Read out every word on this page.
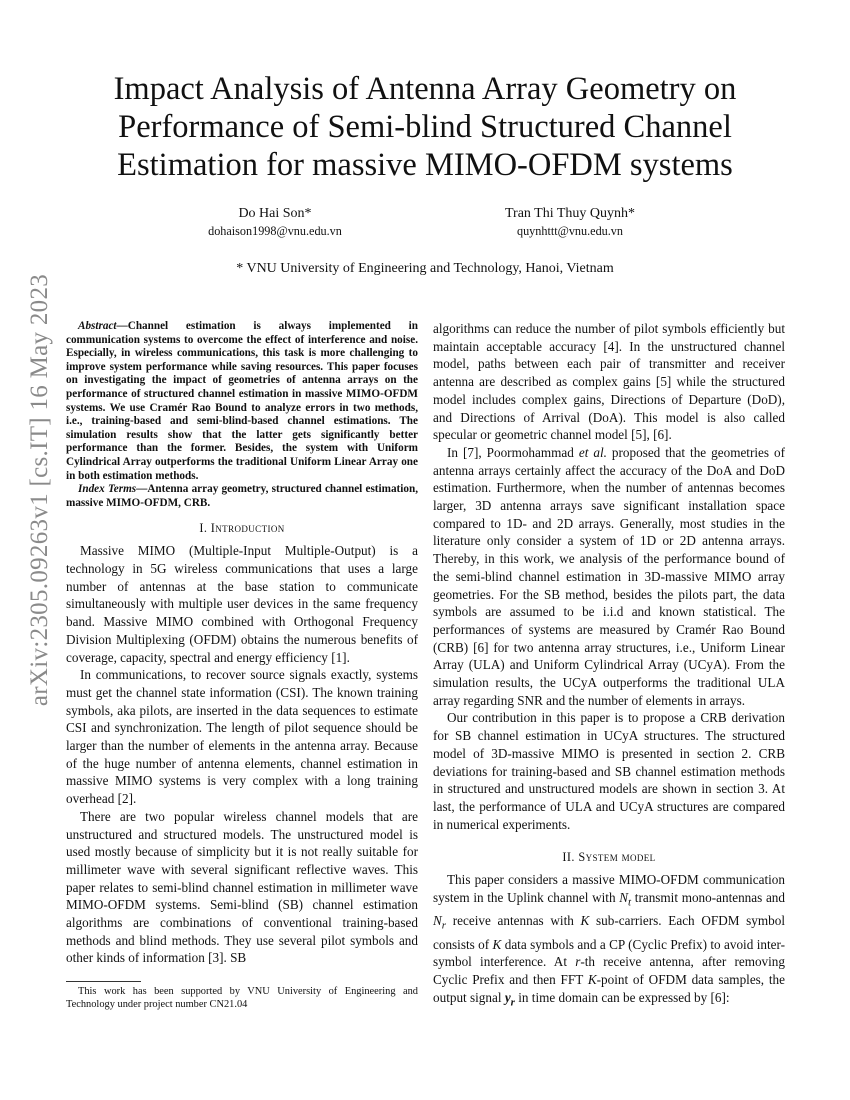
arXiv:2305.09263v1 [cs.IT] 16 May 2023
Impact Analysis of Antenna Array Geometry on Performance of Semi-blind Structured Channel Estimation for massive MIMO-OFDM systems
Do Hai Son*
dohaison1998@vnu.edu.vn
Tran Thi Thuy Quynh*
quynhttt@vnu.edu.vn
* VNU University of Engineering and Technology, Hanoi, Vietnam
Abstract—Channel estimation is always implemented in communication systems to overcome the effect of interference and noise. Especially, in wireless communications, this task is more challenging to improve system performance while saving resources. This paper focuses on investigating the impact of geometries of antenna arrays on the performance of structured channel estimation in massive MIMO-OFDM systems. We use Cramér Rao Bound to analyze errors in two methods, i.e., training-based and semi-blind-based channel estimations. The simulation results show that the latter gets significantly better performance than the former. Besides, the system with Uniform Cylindrical Array outperforms the traditional Uniform Linear Array one in both estimation methods.
Index Terms—Antenna array geometry, structured channel estimation, massive MIMO-OFDM, CRB.
I. Introduction

Massive MIMO (Multiple-Input Multiple-Output) is a technology in 5G wireless communications that uses a large number of antennas at the base station to communicate simultaneously with multiple user devices in the same frequency band. Massive MIMO combined with Orthogonal Frequency Division Multiplexing (OFDM) obtains the numerous benefits of coverage, capacity, spectral and energy efficiency [1].

In communications, to recover source signals exactly, systems must get the channel state information (CSI). The known training symbols, aka pilots, are inserted in the data sequences to estimate CSI and synchronization. The length of pilot sequence should be larger than the number of elements in the antenna array. Because of the huge number of antenna elements, channel estimation in massive MIMO systems is very complex with a long training overhead [2].

There are two popular wireless channel models that are unstructured and structured models. The unstructured model is used mostly because of simplicity but it is not really suitable for millimeter wave with several significant reflective waves. This paper relates to semi-blind channel estimation in millimeter wave MIMO-OFDM systems. Semi-blind (SB) channel estimation algorithms are combinations of conventional training-based methods and blind methods. They use several pilot symbols and other kinds of information [3]. SB

This work has been supported by VNU University of Engineering and Technology under project number CN21.04

algorithms can reduce the number of pilot symbols efficiently but maintain acceptable accuracy [4]. In the unstructured channel model, paths between each pair of transmitter and receiver antenna are described as complex gains [5] while the structured model includes complex gains, Directions of Departure (DoD), and Directions of Arrival (DoA). This model is also called specular or geometric channel model [5], [6].

In [7], Poormohammad et al. proposed that the geometries of antenna arrays certainly affect the accuracy of the DoA and DoD estimation. Furthermore, when the number of antennas becomes larger, 3D antenna arrays save significant installation space compared to 1D- and 2D arrays. Generally, most studies in the literature only consider a system of 1D or 2D antenna arrays. Thereby, in this work, we analysis of the performance bound of the semi-blind channel estimation in 3D-massive MIMO array geometries. For the SB method, besides the pilots part, the data symbols are assumed to be i.i.d and known statistical. The performances of systems are measured by Cramér Rao Bound (CRB) [6] for two antenna array structures, i.e., Uniform Linear Array (ULA) and Uniform Cylindrical Array (UCyA). From the simulation results, the UCyA outperforms the traditional ULA array regarding SNR and the number of elements in arrays.

Our contribution in this paper is to propose a CRB derivation for SB channel estimation in UCyA structures. The structured model of 3D-massive MIMO is presented in section 2. CRB deviations for training-based and SB channel estimation methods in structured and unstructured models are shown in section 3. At last, the performance of ULA and UCyA structures are compared in numerical experiments.

II. System model

This paper considers a massive MIMO-OFDM communication system in the Uplink channel with $N_t$ transmit mono-antennas and $N_r$ receive antennas with K sub-carriers. Each OFDM symbol consists of K data symbols and a CP (Cyclic Prefix) to avoid inter-symbol interference. At r-th receive antenna, after removing Cyclic Prefix and then FFT K-point of OFDM data samples, the output signal $y_r$ in time domain can be expressed by [6]:
